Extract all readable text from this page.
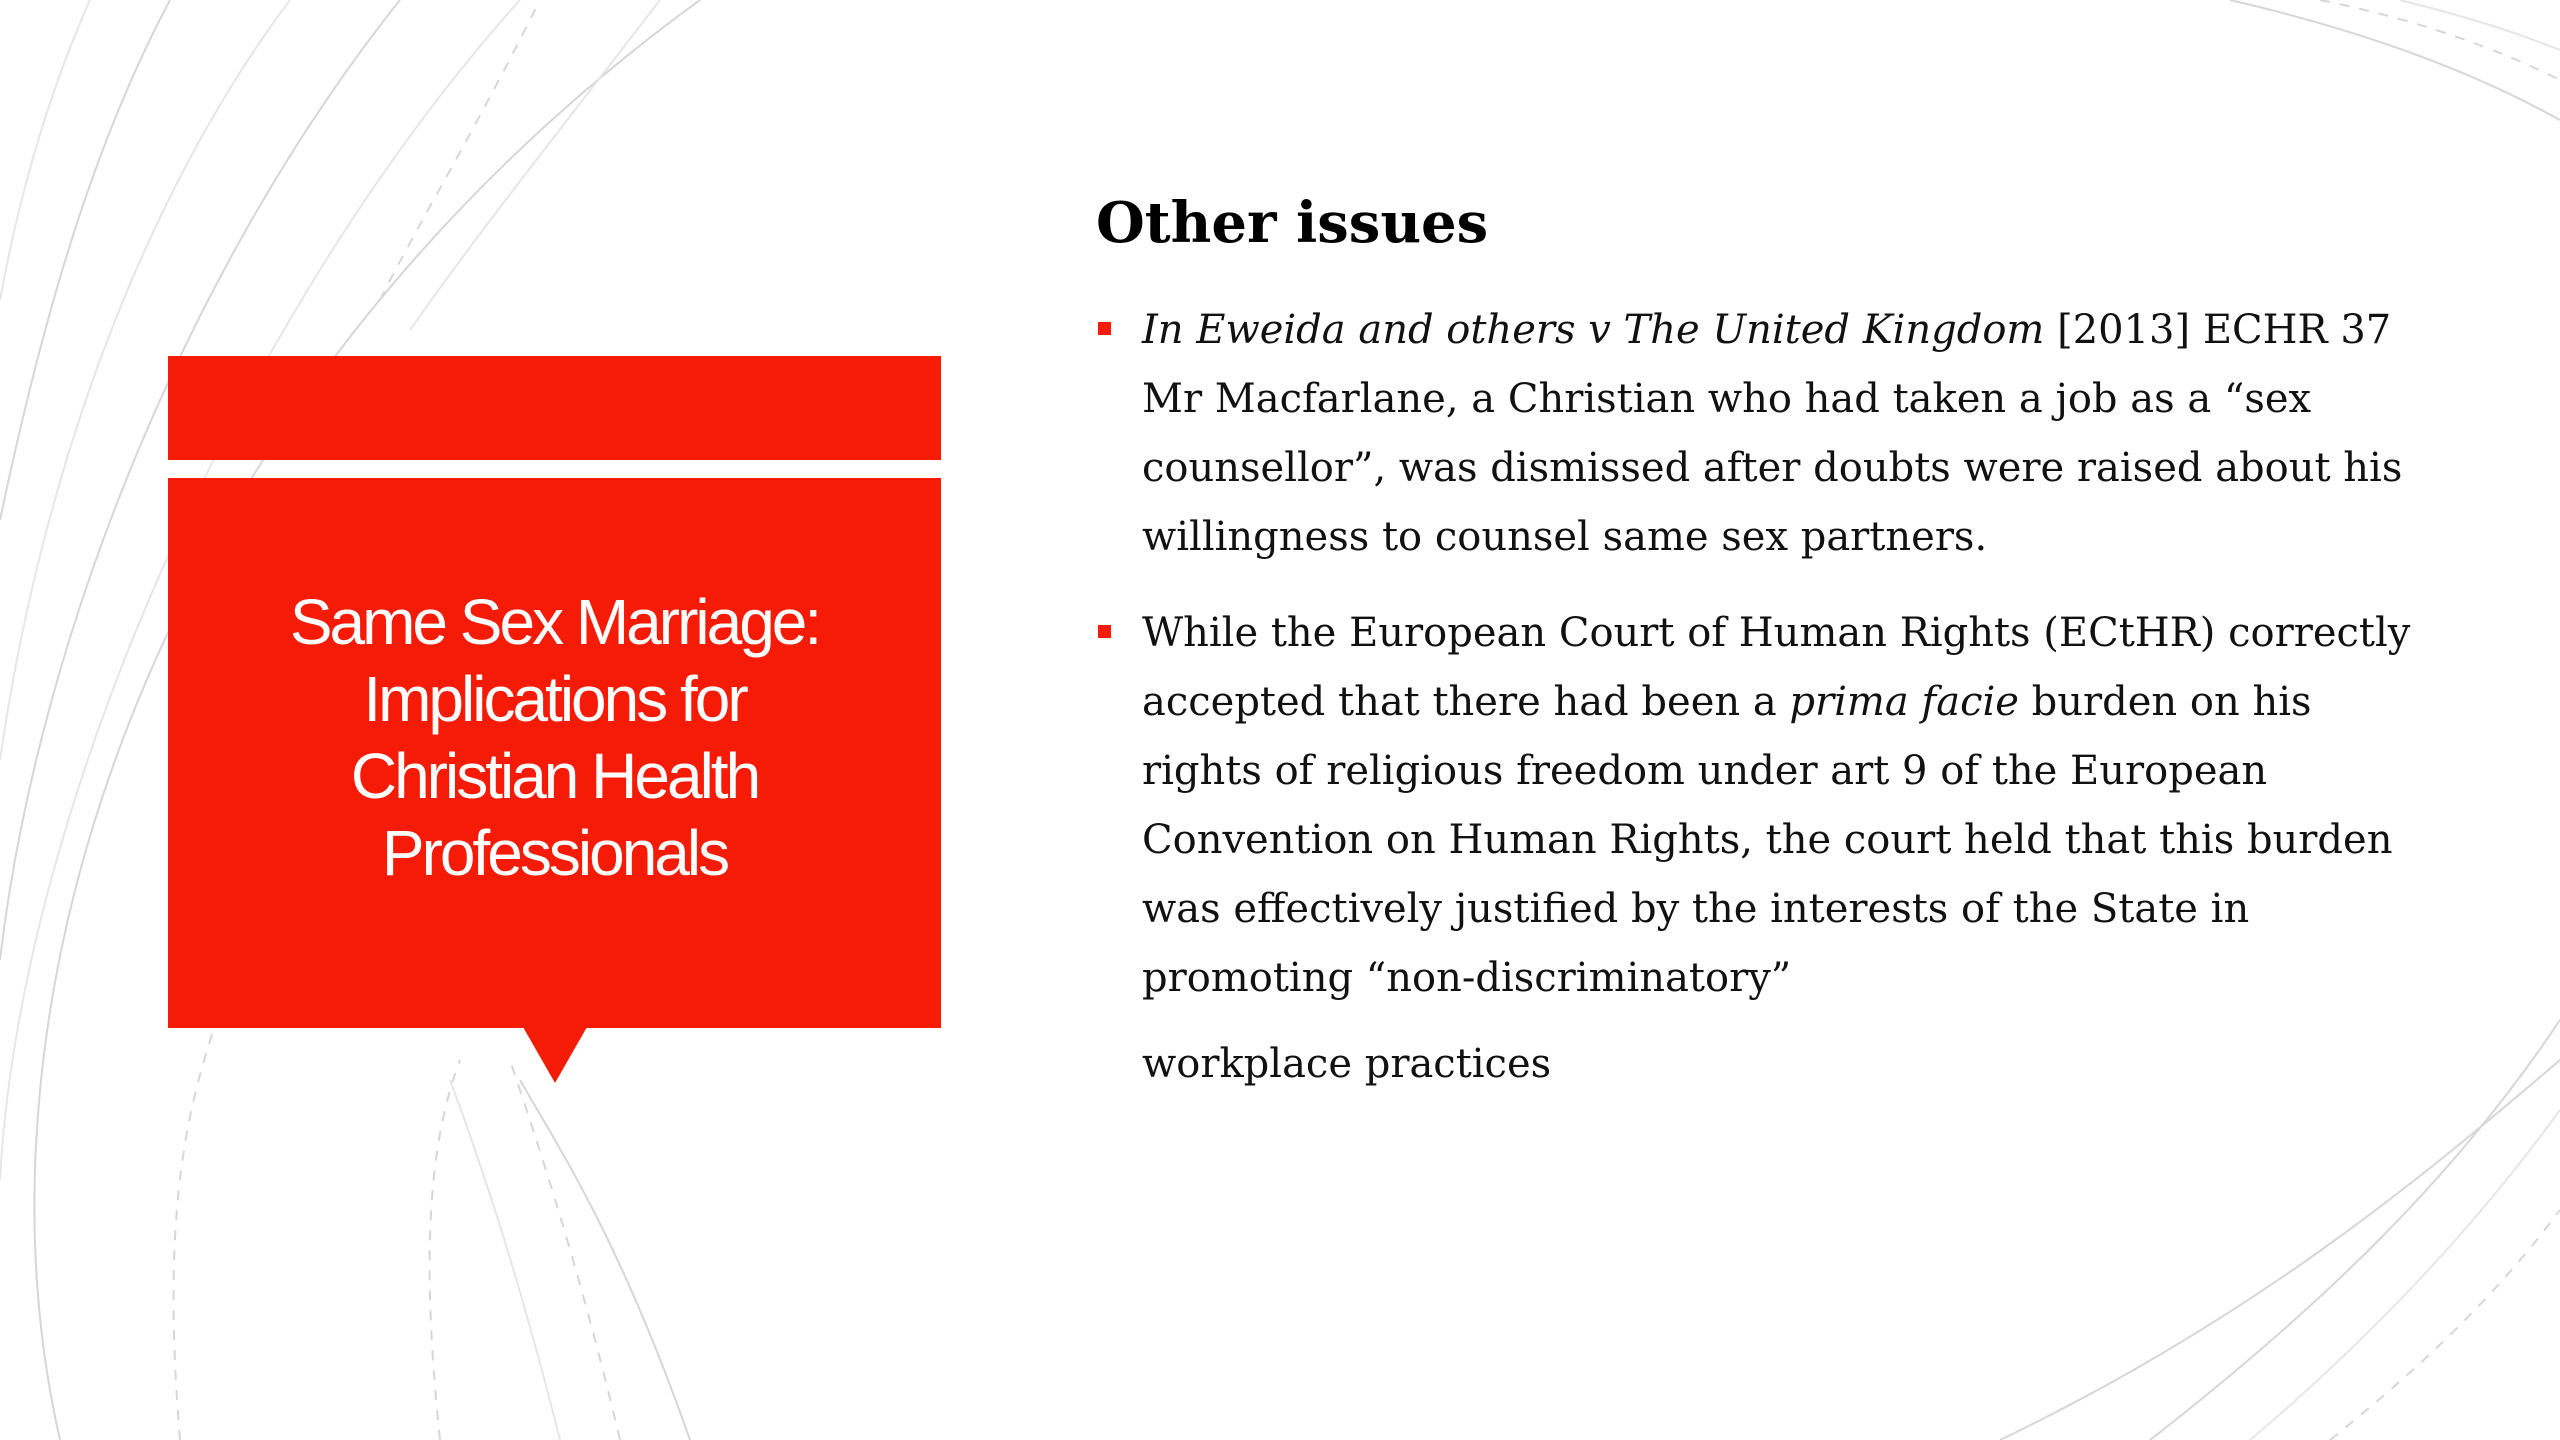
Same Sex Marriage: Implications for Christian Health Professionals
Other issues
In Eweida and others v The United Kingdom [2013] ECHR 37 Mr Macfarlane, a Christian who had taken a job as a “sex counsellor”, was dismissed after doubts were raised about his willingness to counsel same sex partners.
While the European Court of Human Rights (ECtHR) correctly accepted that there had been a prima facie burden on his rights of religious freedom under art 9 of the European Convention on Human Rights, the court held that this burden was effectively justified by the interests of the State in promoting “non-discriminatory”
workplace practices
